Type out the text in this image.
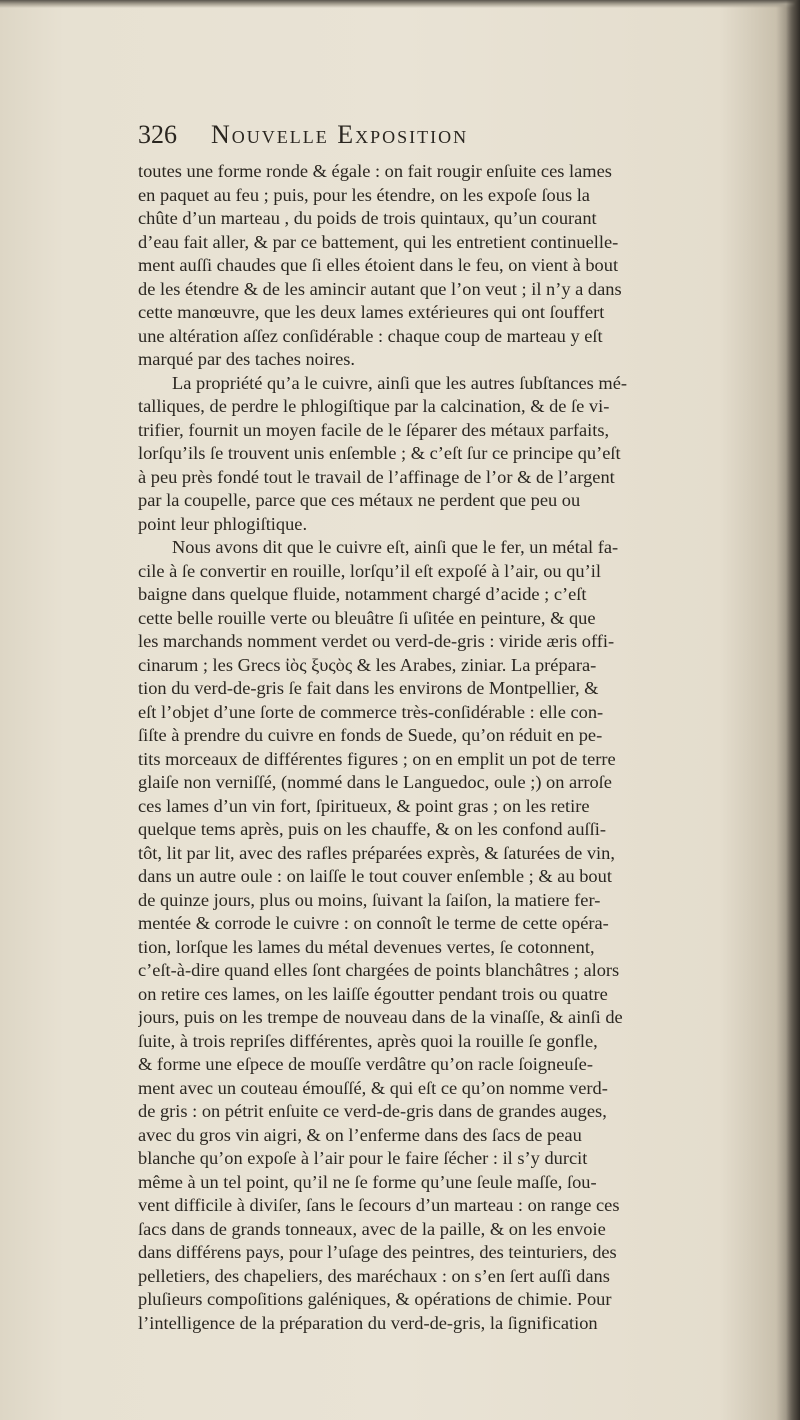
326 Nouvelle Exposition
toutes une forme ronde & égale : on fait rougir enſuite ces lames
en paquet au feu ; puis, pour les étendre, on les expoſe ſous la
chûte d’un marteau , du poids de trois quintaux, qu’un courant
d’eau fait aller, & par ce battement, qui les entretient continuelle-
ment auſſi chaudes que ſi elles étoient dans le feu, on vient à bout
de les étendre & de les amincir autant que l’on veut ; il n’y a dans
cette manœuvre, que les deux lames extérieures qui ont ſouffert
une altération aſſez conſidérable : chaque coup de marteau y eſt
marqué par des taches noires.
La propriété qu’a le cuivre, ainſi que les autres ſubſtances mé-
talliques, de perdre le phlogiſtique par la calcination, & de ſe vi-
trifier, fournit un moyen facile de le ſéparer des métaux parfaits,
lorſqu’ils ſe trouvent unis enſemble ; & c’eſt ſur ce principe qu’eſt
à peu près fondé tout le travail de l’affinage de l’or & de l’argent
par la coupelle, parce que ces métaux ne perdent que peu ou
point leur phlogiſtique.
Nous avons dit que le cuivre eſt, ainſi que le fer, un métal fa-
cile à ſe convertir en rouille, lorſqu’il eſt expoſé à l’air, ou qu’il
baigne dans quelque fluide, notamment chargé d’acide ; c’eſt
cette belle rouille verte ou bleuâtre ſi uſitée en peinture, & que
les marchands nomment verdet ou verd-de-gris : viride æris offi-
cinarum ; les Grecs ἰὸς ξυςὸς & les Arabes, ziniar. La prépara-
tion du verd-de-gris ſe fait dans les environs de Montpellier, &
eſt l’objet d’une ſorte de commerce très-conſidérable : elle con-
ſiſte à prendre du cuivre en fonds de Suede, qu’on réduit en pe-
tits morceaux de différentes figures ; on en emplit un pot de terre
glaiſe non verniſſé, (nommé dans le Languedoc, oule ;) on arroſe
ces lames d’un vin fort, ſpiritueux, & point gras ; on les retire
quelque tems après, puis on les chauffe, & on les confond auſſi-
tôt, lit par lit, avec des rafles préparées exprès, & ſaturées de vin,
dans un autre oule : on laiſſe le tout couver enſemble ; & au bout
de quinze jours, plus ou moins, ſuivant la ſaiſon, la matiere fer-
mentée & corrode le cuivre : on connoît le terme de cette opéra-
tion, lorſque les lames du métal devenues vertes, ſe cotonnent,
c’eſt-à-dire quand elles ſont chargées de points blanchâtres ; alors
on retire ces lames, on les laiſſe égoutter pendant trois ou quatre
jours, puis on les trempe de nouveau dans de la vinaſſe, & ainſi de
ſuite, à trois repriſes différentes, après quoi la rouille ſe gonfle,
& forme une eſpece de mouſſe verdâtre qu’on racle ſoigneuſe-
ment avec un couteau émouſſé, & qui eſt ce qu’on nomme verd-
de gris : on pétrit enſuite ce verd-de-gris dans de grandes auges,
avec du gros vin aigri, & on l’enferme dans des ſacs de peau
blanche qu’on expoſe à l’air pour le faire ſécher : il s’y durcit
même à un tel point, qu’il ne ſe forme qu’une ſeule maſſe, ſou-
vent difficile à diviſer, ſans le ſecours d’un marteau : on range ces
ſacs dans de grands tonneaux, avec de la paille, & on les envoie
dans différens pays, pour l’uſage des peintres, des teinturiers, des
pelletiers, des chapeliers, des maréchaux : on s’en ſert auſſi dans
pluſieurs compoſitions galéniques, & opérations de chimie. Pour
l’intelligence de la préparation du verd-de-gris, la ſignification
